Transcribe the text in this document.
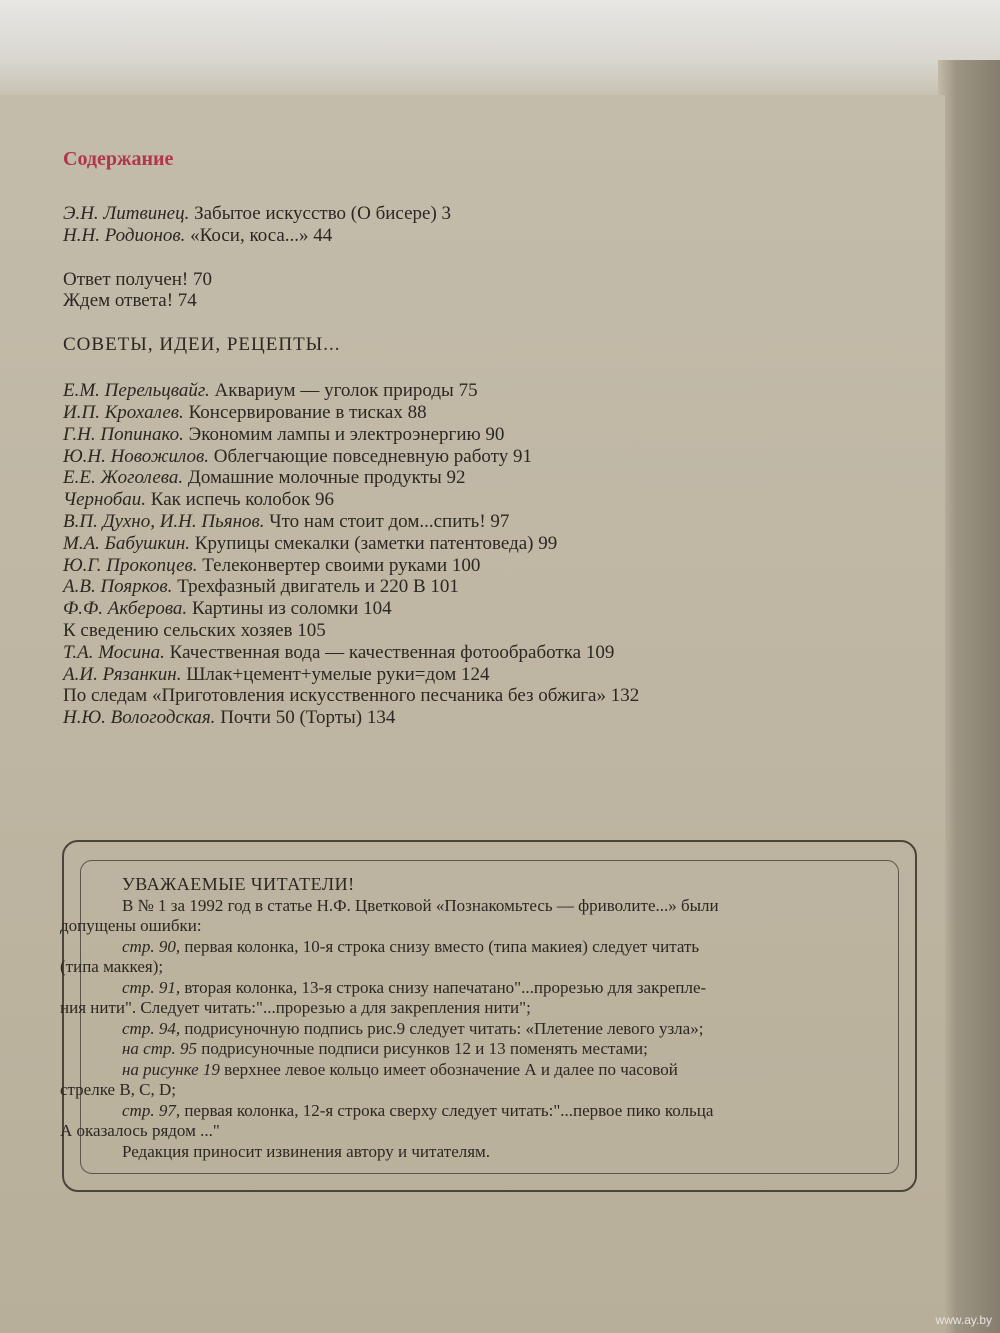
Содержание
Э.Н. Литвинец. Забытое искусство (О бисере) 3
Н.Н. Родионов. «Коси, коса...» 44
Ответ получен! 70
Ждем ответа! 74
СОВЕТЫ, ИДЕИ, РЕЦЕПТЫ...
Е.М. Перельцвайг. Аквариум — уголок природы 75
И.П. Крохалев. Консервирование в тисках 88
Г.Н. Попинако. Экономим лампы и электроэнергию 90
Ю.Н. Новожилов. Облегчающие повседневную работу 91
Е.Е. Жоголева. Домашние молочные продукты 92
Чернобаи. Как испечь колобок 96
В.П. Духно, И.Н. Пьянов. Что нам стоит дом...спить! 97
М.А. Бабушкин. Крупицы смекалки (заметки патентоведа) 99
Ю.Г. Прокопцев. Телеконвертер своими руками 100
А.В. Поярков. Трехфазный двигатель и 220 В 101
Ф.Ф. Акберова. Картины из соломки 104
К сведению сельских хозяев 105
Т.А. Мосина. Качественная вода — качественная фотообработка 109
А.И. Рязанкин. Шлак+цемент+умелые руки=дом 124
По следам «Приготовления искусственного песчаника без обжига» 132
Н.Ю. Вологодская. Почти 50 (Торты) 134
УВАЖАЕМЫЕ ЧИТАТЕЛИ!
В № 1 за 1992 год в статье Н.Ф. Цветковой «Познакомьтесь — фриволите...» были
допущены ошибки:
стр. 90, первая колонка, 10-я строка снизу вместо (типа макиея) следует читать
(типа маккея);
стр. 91, вторая колонка, 13-я строка снизу напечатано"...прорезью для закрепле-
ния нити". Следует читать:"...прорезью а для закрепления нити";
стр. 94, подрисуночную подпись рис.9 следует читать: «Плетение левого узла»;
на стр. 95 подрисуночные подписи рисунков 12 и 13 поменять местами;
на рисунке 19 верхнее левое кольцо имеет обозначение А и далее по часовой
стрелке В, С, D;
стр. 97, первая колонка, 12-я строка сверху следует читать:"...первое пико кольца
А оказалось рядом ..."
Редакция приносит извинения автору и читателям.
www.ay.by
